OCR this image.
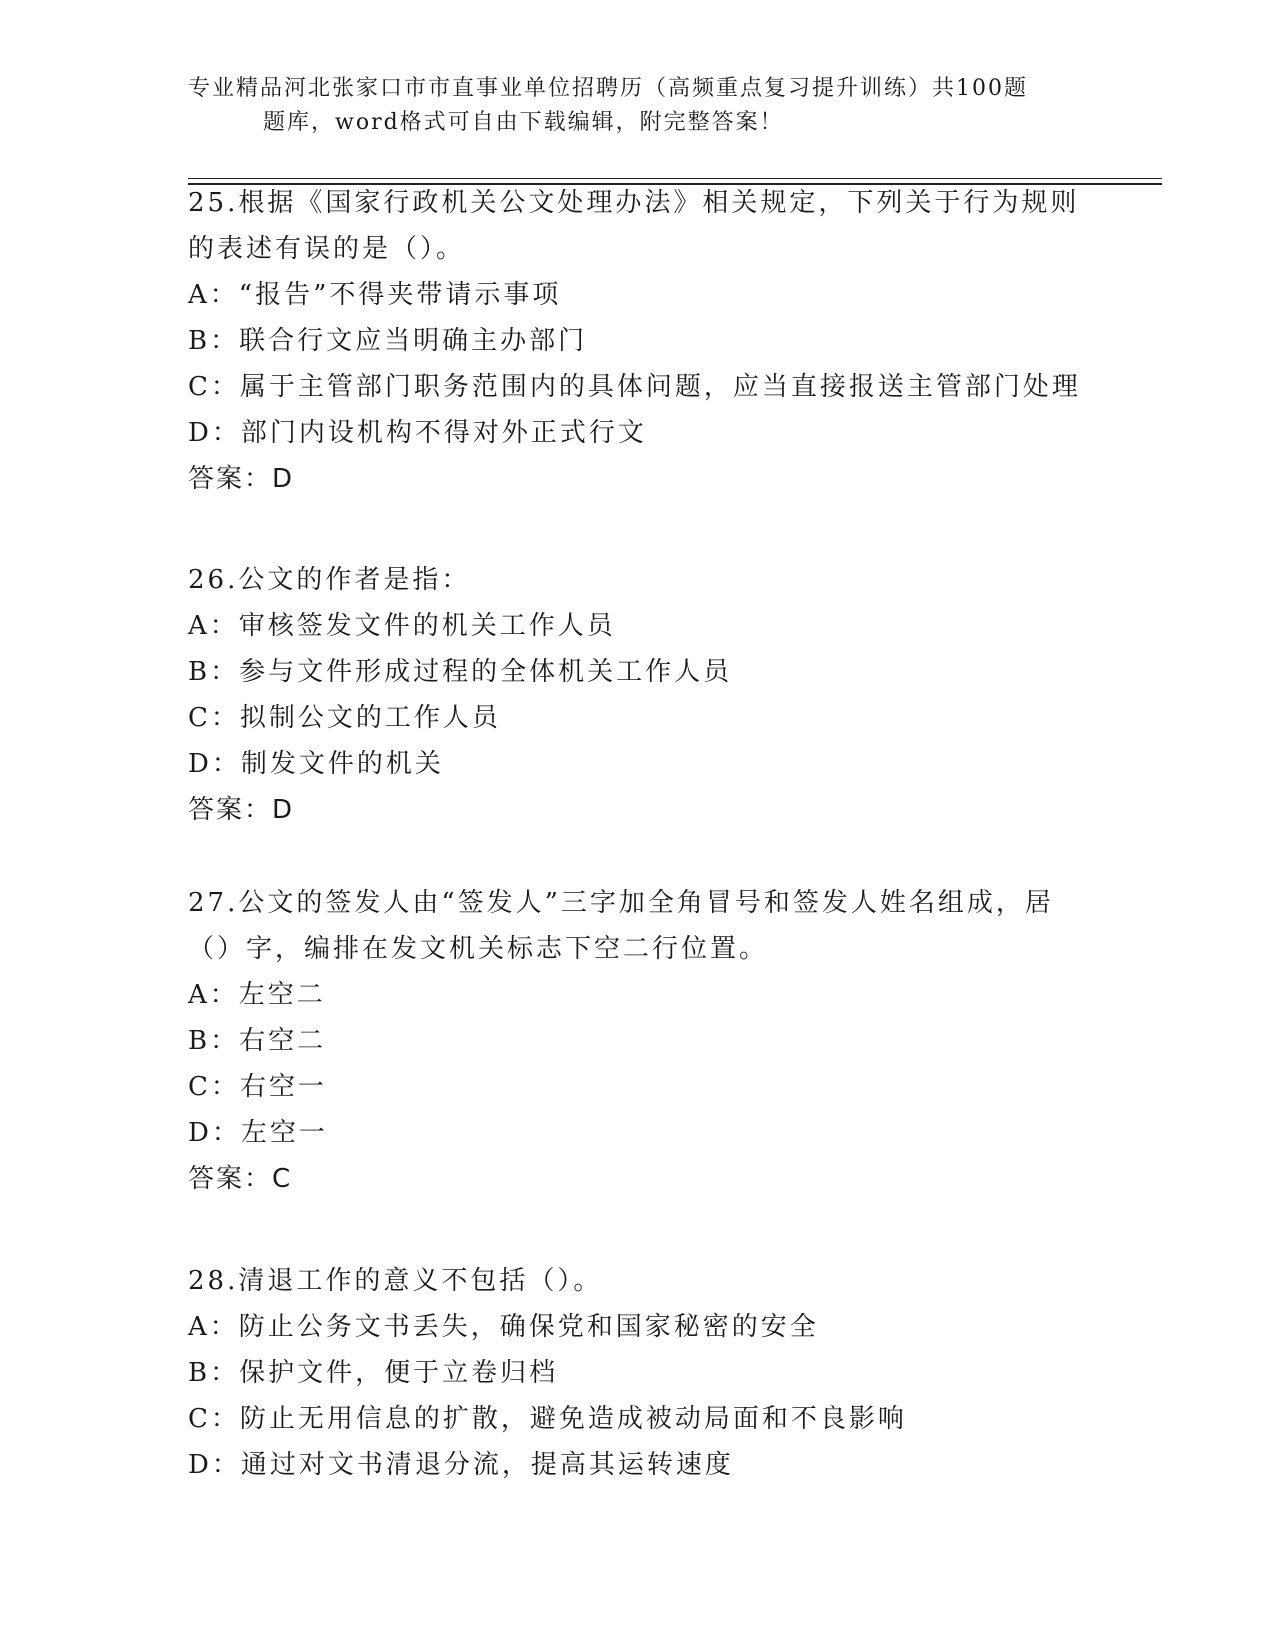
专业精品河北张家口市市直事业单位招聘历（高频重点复习提升训练）共100题
题库，word格式可自由下载编辑，附完整答案！
25.根据《国家行政机关公文处理办法》相关规定，下列关于行为规则
的表述有误的是（）。
A：“报告”不得夹带请示事项
B：联合行文应当明确主办部门
C：属于主管部门职务范围内的具体问题，应当直接报送主管部门处理
D：部门内设机构不得对外正式行文
答案：D
26.公文的作者是指：
A：审核签发文件的机关工作人员
B：参与文件形成过程的全体机关工作人员
C：拟制公文的工作人员
D：制发文件的机关
答案：D
27.公文的签发人由“签发人”三字加全角冒号和签发人姓名组成，居
（）字，编排在发文机关标志下空二行位置。
A：左空二
B：右空二
C：右空一
D：左空一
答案：C
28.清退工作的意义不包括（）。
A：防止公务文书丢失，确保党和国家秘密的安全
B：保护文件，便于立卷归档
C：防止无用信息的扩散，避免造成被动局面和不良影响
D：通过对文书清退分流，提高其运转速度
